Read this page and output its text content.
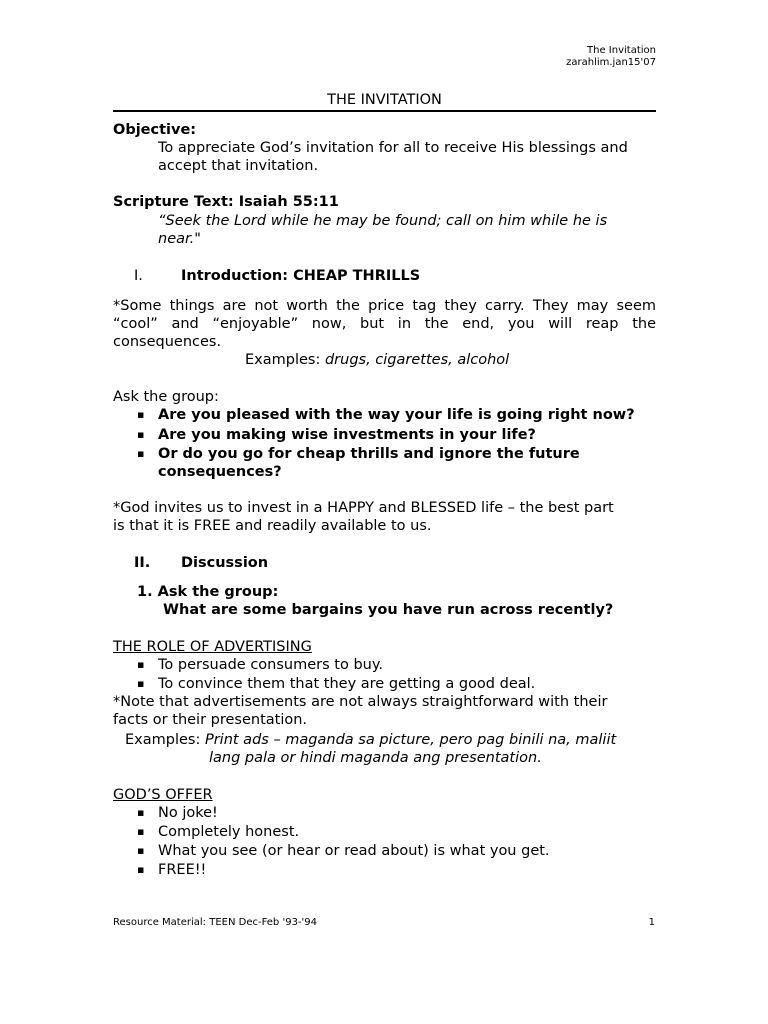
The Invitation
zarahlim.jan15'07
THE INVITATION
Objective:
To appreciate God’s invitation for all to receive His blessings and
accept that invitation.
Scripture Text: Isaiah 55:11
“Seek the Lord while he may be found; call on him while he is
near."
I.	Introduction: CHEAP THRILLS
*Some things are not worth the price tag they carry. They may seem
“cool” and “enjoyable” now, but in the end, you will reap the
consequences.
Examples: drugs, cigarettes, alcohol
Ask the group:
▪ Are you pleased with the way your life is going right now?
▪ Are you making wise investments in your life?
▪ Or do you go for cheap thrills and ignore the future
consequences?
*God invites us to invest in a HAPPY and BLESSED life – the best part
is that it is FREE and readily available to us.
II. Discussion
1. Ask the group:
What are some bargains you have run across recently?
THE ROLE OF ADVERTISING
▪ To persuade consumers to buy.
▪ To convince them that they are getting a good deal.
*Note that advertisements are not always straightforward with their
facts or their presentation.
Examples: Print ads – maganda sa picture, pero pag binili na, maliit
lang pala or hindi maganda ang presentation.
GOD’S OFFER
▪ No joke!
▪ Completely honest.
▪ What you see (or hear or read about) is what you get.
▪ FREE!!
Resource Material: TEEN Dec-Feb '93-'94	1
